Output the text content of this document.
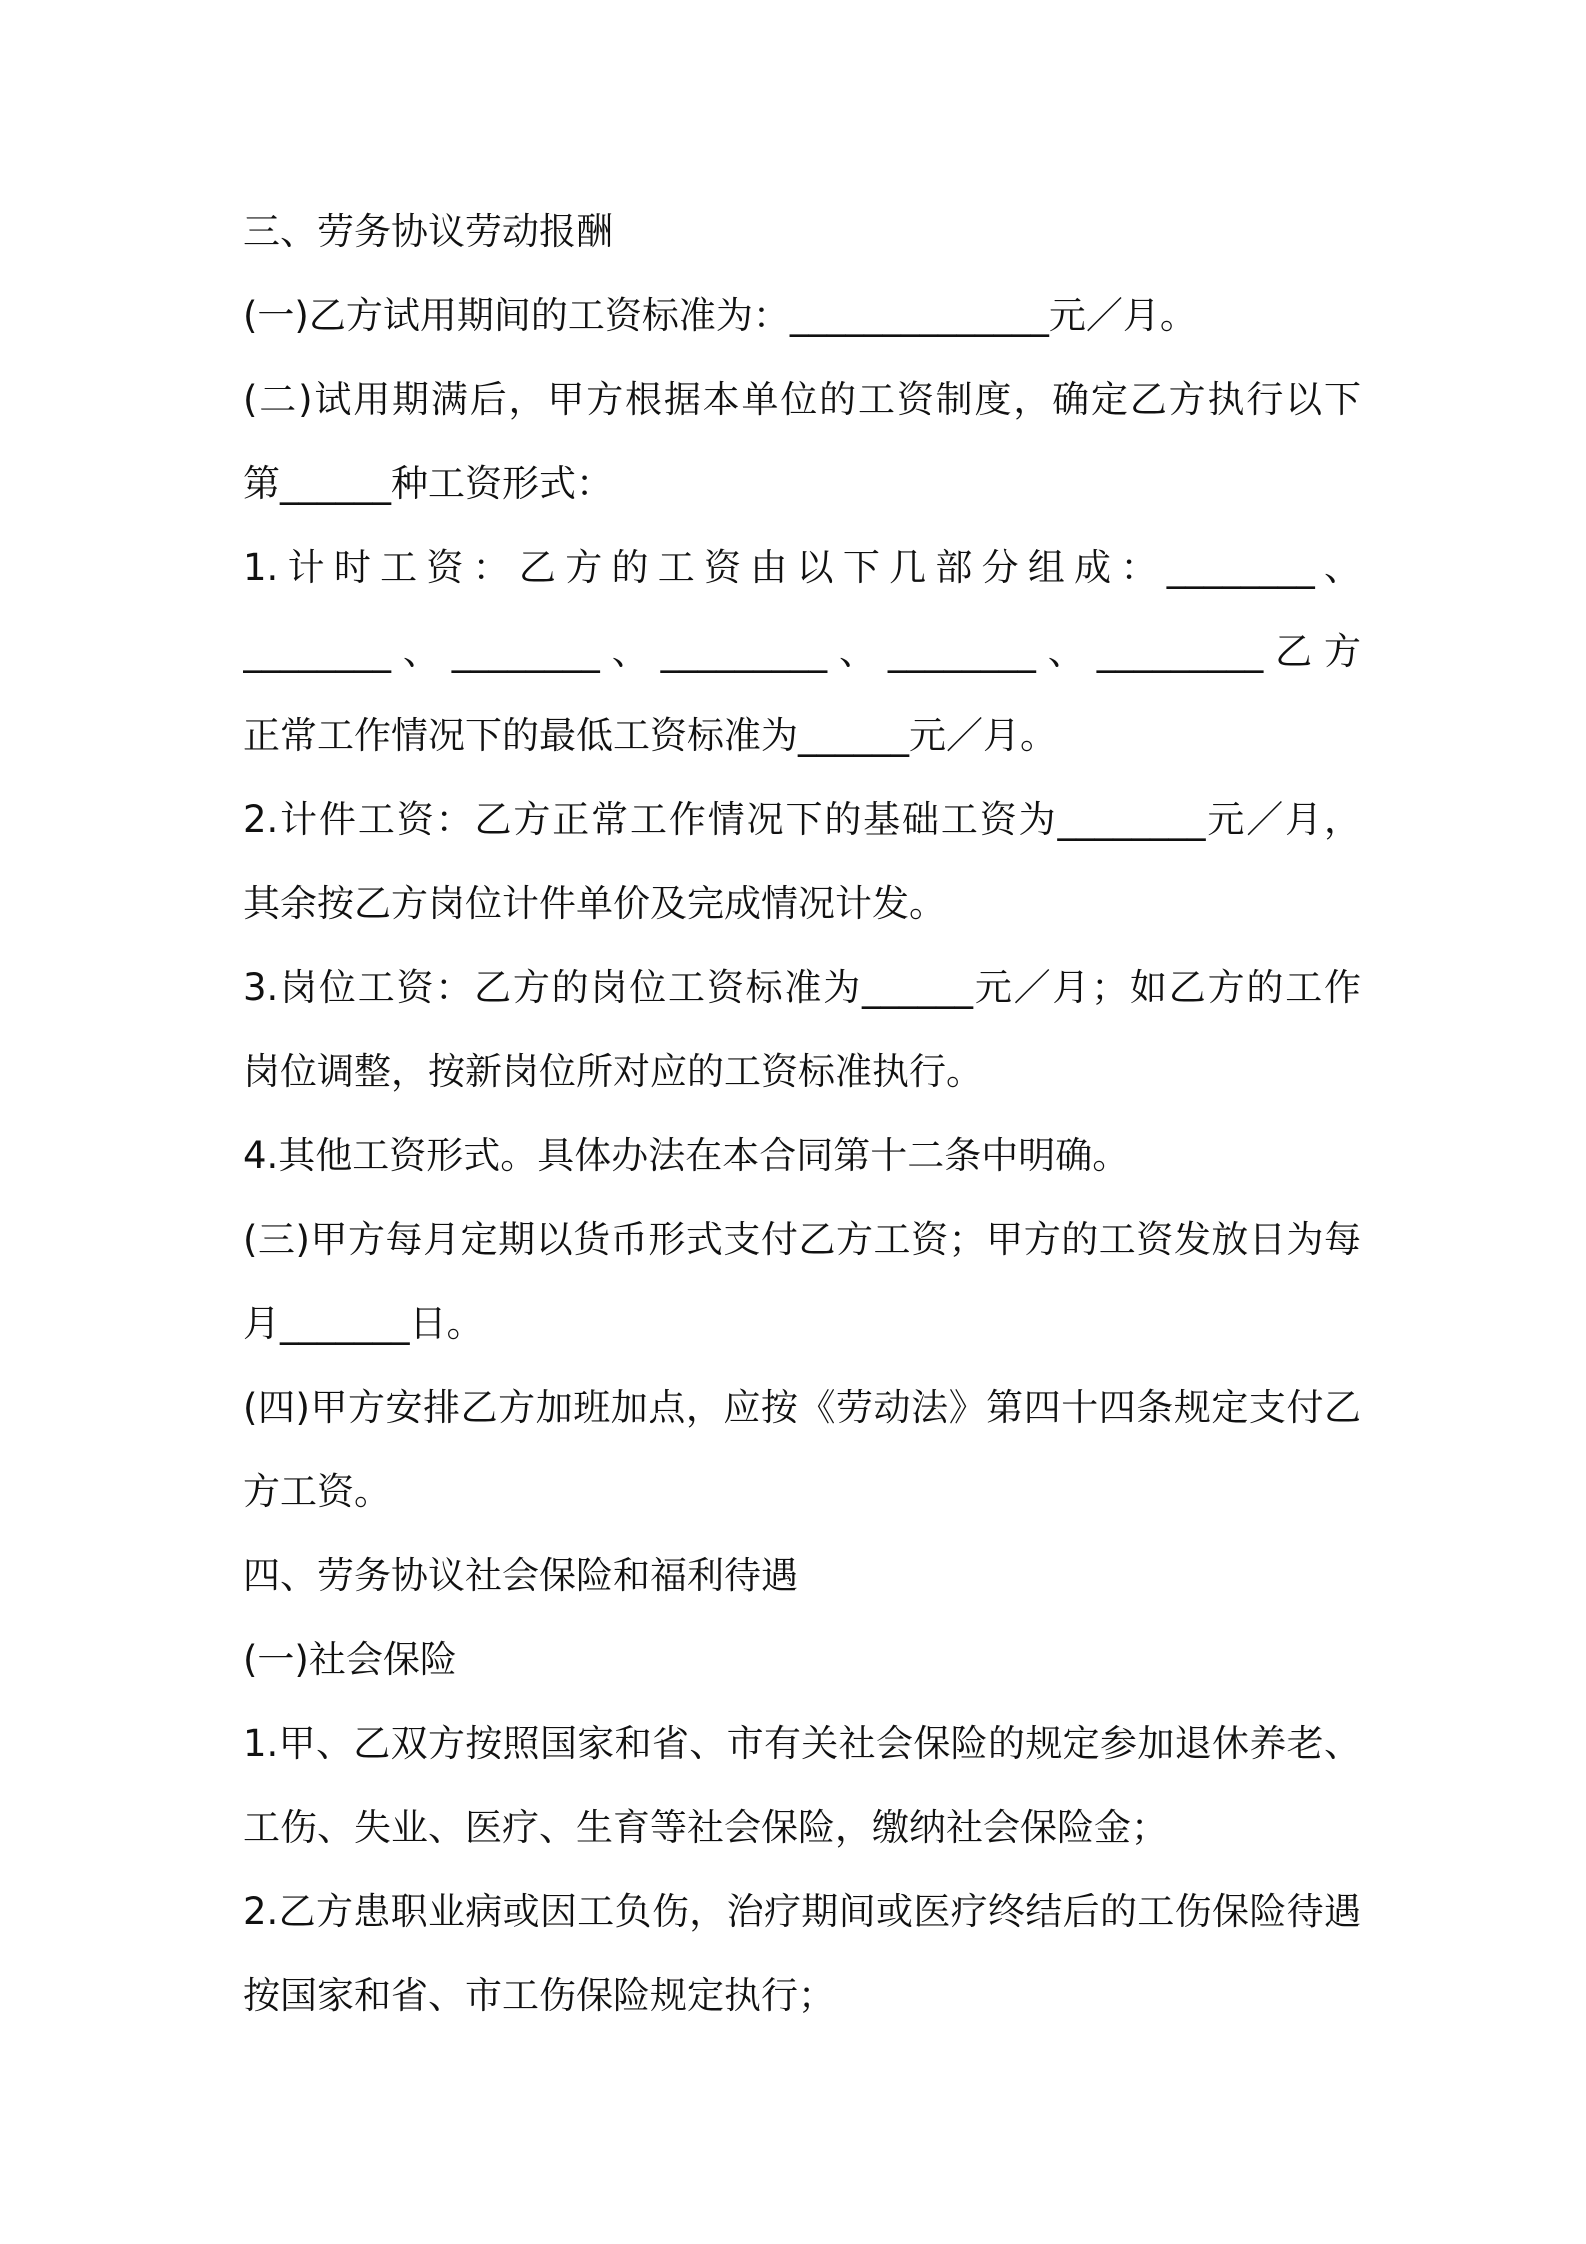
三、劳务协议劳动报酬
(一)乙方试用期间的工资标准为：______________元／月。
(二)试用期满后，甲方根据本单位的工资制度，确定乙方执行以下
第______种工资形式：
1.计时工资：乙方的工资由以下几部分组成：________、
________、________、_________、________、_________乙方
正常工作情况下的最低工资标准为______元／月。
2.计件工资：乙方正常工作情况下的基础工资为________元／月，
其余按乙方岗位计件单价及完成情况计发。
3.岗位工资：乙方的岗位工资标准为______元／月；如乙方的工作
岗位调整，按新岗位所对应的工资标准执行。
4.其他工资形式。具体办法在本合同第十二条中明确。
(三)甲方每月定期以货币形式支付乙方工资；甲方的工资发放日为每
月_______日。
(四)甲方安排乙方加班加点，应按《劳动法》第四十四条规定支付乙
方工资。
四、劳务协议社会保险和福利待遇
(一)社会保险
1.甲、乙双方按照国家和省、市有关社会保险的规定参加退休养老、
工伤、失业、医疗、生育等社会保险，缴纳社会保险金；
2.乙方患职业病或因工负伤，治疗期间或医疗终结后的工伤保险待遇
按国家和省、市工伤保险规定执行；
